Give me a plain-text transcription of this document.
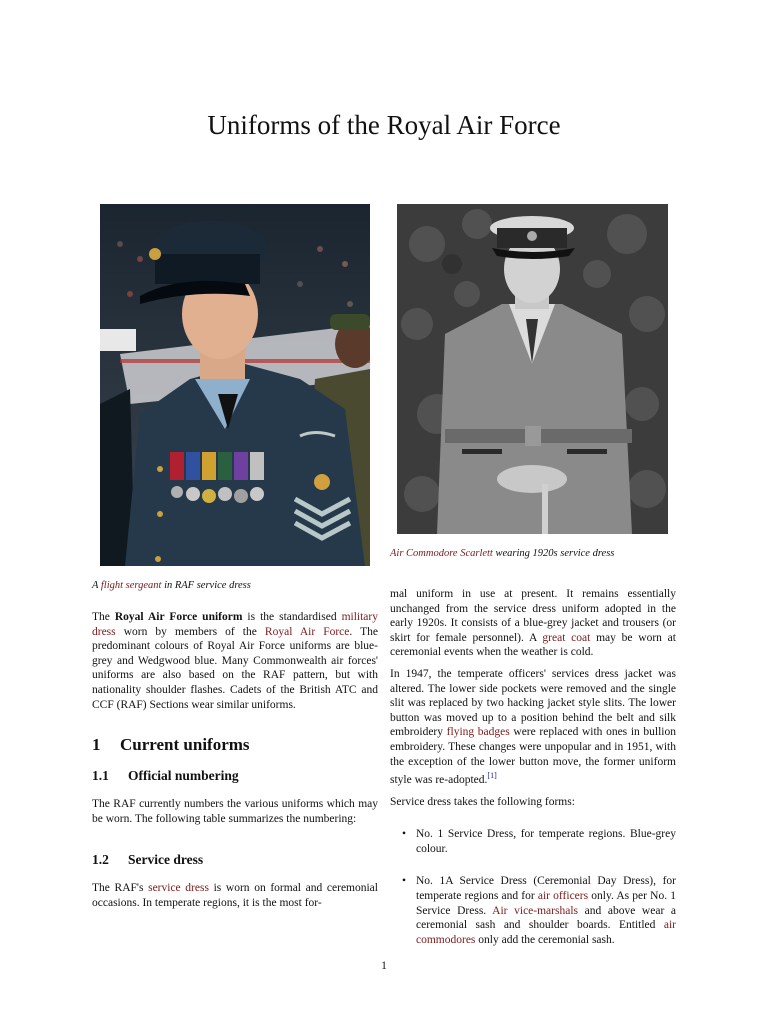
Uniforms of the Royal Air Force

A flight sergeant in RAF service dress

Air Commodore Scarlett wearing 1920s service dress

The Royal Air Force uniform is the standardised military dress worn by members of the Royal Air Force. The predominant colours of Royal Air Force uniforms are blue-grey and Wedgwood blue. Many Commonwealth air forces' uniforms are also based on the RAF pattern, but with nationality shoulder flashes. Cadets of the British ATC and CCF (RAF) Sections wear similar uniforms.

1 Current uniforms
1.1 Official numbering

The RAF currently numbers the various uniforms which may be worn. The following table summarizes the numbering:

1.2 Service dress

The RAF's service dress is worn on formal and ceremonial occasions. In temperate regions, it is the most for-

mal uniform in use at present. It remains essentially unchanged from the service dress uniform adopted in the early 1920s. It consists of a blue-grey jacket and trousers (or skirt for female personnel). A great coat may be worn at ceremonial events when the weather is cold.

In 1947, the temperate officers' services dress jacket was altered. The lower side pockets were removed and the single slit was replaced by two hacking jacket style slits. The lower button was moved up to a position behind the belt and silk embroidery flying badges were replaced with ones in bullion embroidery. These changes were unpopular and in 1951, with the exception of the lower button move, the former uniform style was re-adopted.[1]

Service dress takes the following forms:

• No. 1 Service Dress, for temperate regions. Blue-grey colour.
• No. 1A Service Dress (Ceremonial Day Dress), for temperate regions and for air officers only. As per No. 1 Service Dress. Air vice-marshals and above wear a ceremonial sash and shoulder boards. Entitled air commodores only add the ceremonial sash.
1
